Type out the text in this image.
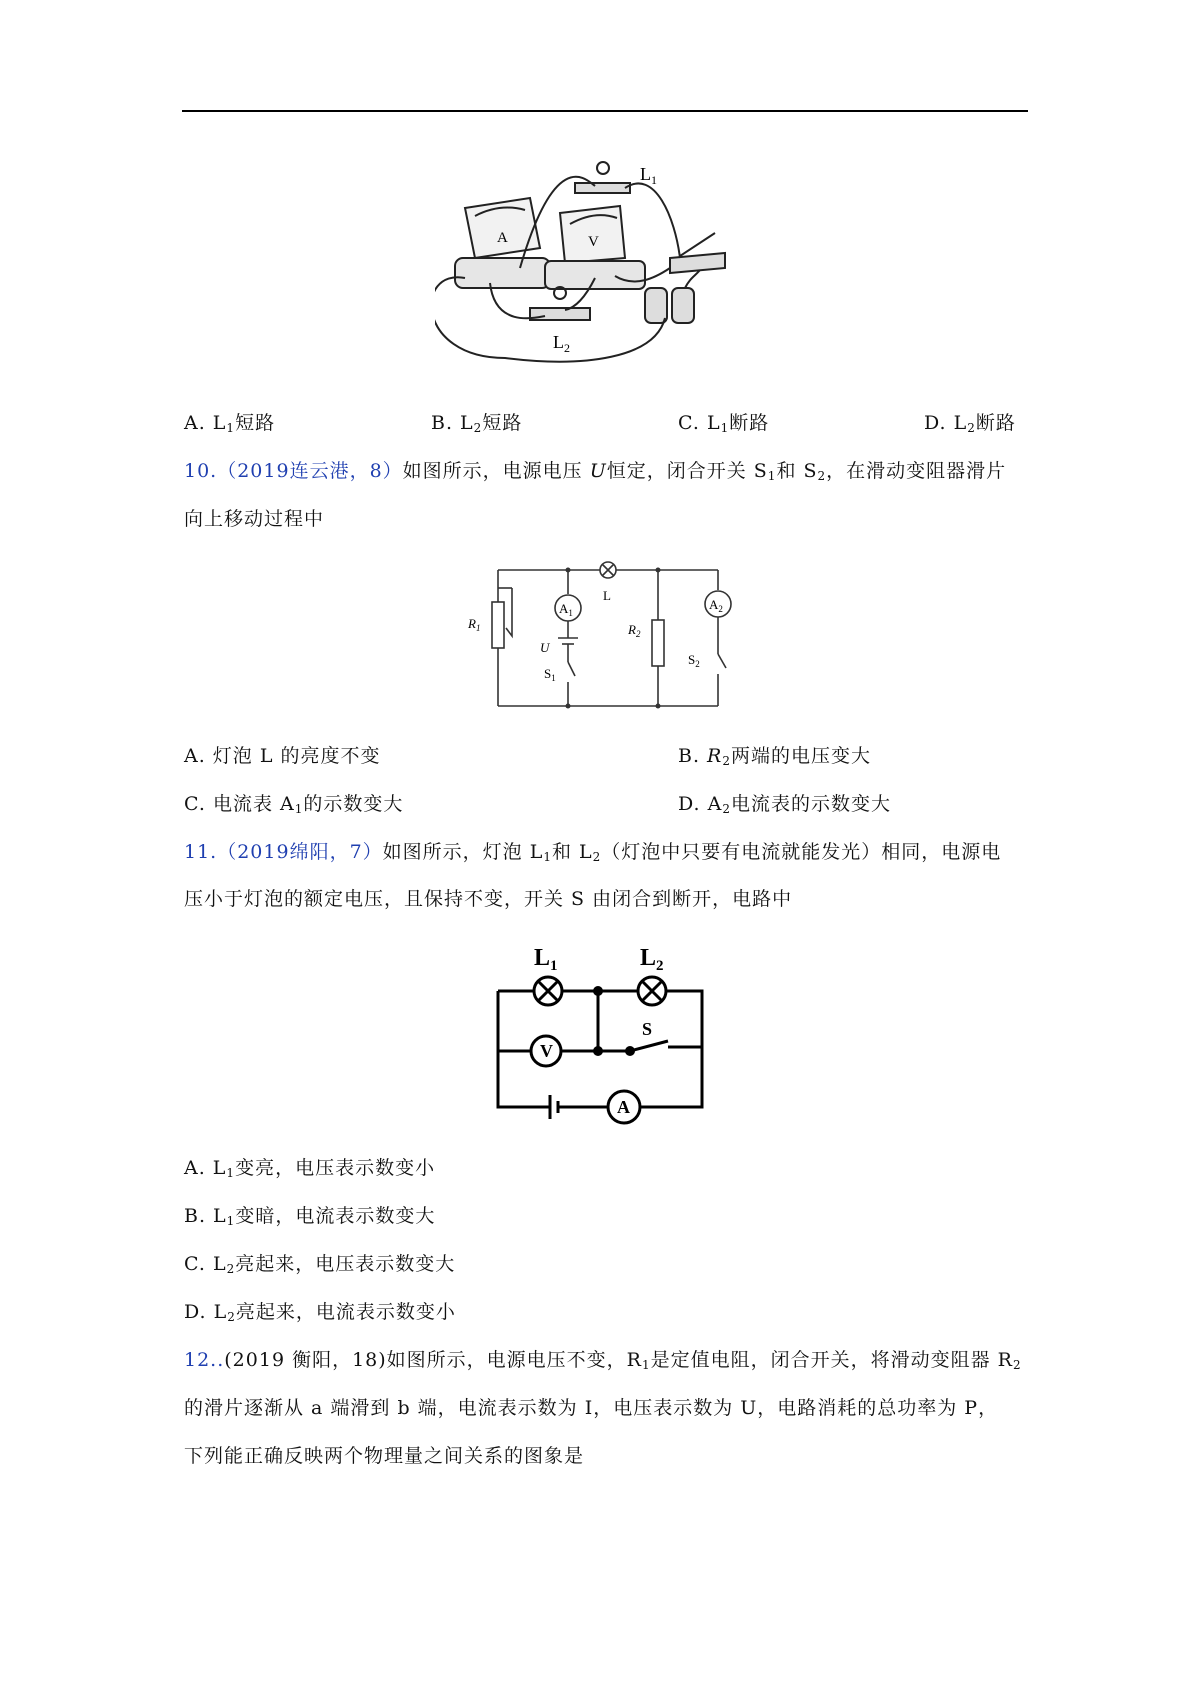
A	V
$L_1$
$L_2$
A. $L_1$短路	B. $L_2$短路	C. $L_1$断路	D. $L_2$断路
10.（2019连云港，8）如图所示，电源电压 U恒定，闭合开关 $S_1$和 $S_2$，在滑动变阻器滑片
向上移动过程中
$A_1$
$A_2$
L
$R_1$	$R_2$
U
$S_1$
$S_2$
A. 灯泡 L 的亮度不变	B. $R_2$两端的电压变大
C. 电流表 $A_1$的示数变大	D. $A_2$电流表的示数变大
11.（2019绵阳，7）如图所示，灯泡 $L_1$和 $L_2$（灯泡中只要有电流就能发光）相同，电源电
压小于灯泡的额定电压，且保持不变，开关 S 由闭合到断开，电路中
V
A
S
$L_1$	$L_2$
A. $L_1$变亮，电压表示数变小
B. $L_1$变暗，电流表示数变大
C. $L_2$亮起来，电压表示数变大
D. $L_2$亮起来，电流表示数变小
12..(2019 衡阳，18)如图所示，电源电压不变，$R_1$是定值电阻，闭合开关，将滑动变阻器 $R_2$
的滑片逐渐从 a 端滑到 b 端，电流表示数为 I，电压表示数为 U，电路消耗的总功率为 P，
下列能正确反映两个物理量之间关系的图象是
